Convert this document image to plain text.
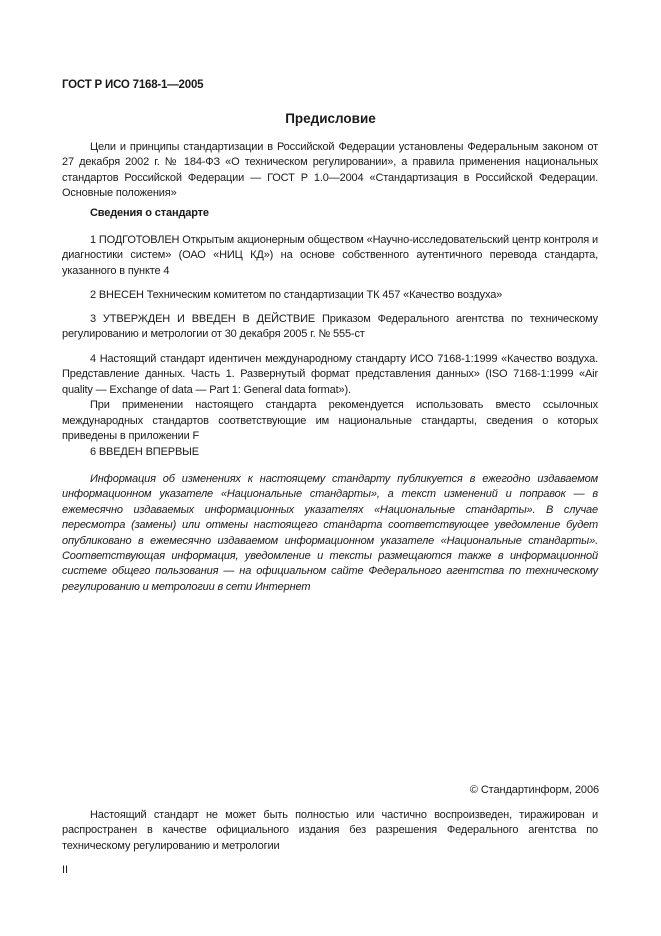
ГОСТ Р ИСО 7168-1—2005
Предисловие
Цели и принципы стандартизации в Российской Федерации установлены Федеральным законом от 27 декабря 2002 г. № 184-ФЗ «О техническом регулировании», а правила применения национальных стандартов Российской Федерации — ГОСТ Р 1.0—2004 «Стандартизация в Российской Федерации. Основные положения»
Сведения о стандарте
1 ПОДГОТОВЛЕН Открытым акционерным обществом «Научно-исследовательский центр контроля и диагностики систем» (ОАО «НИЦ КД») на основе собственного аутентичного перевода стандарта, указанного в пункте 4
2 ВНЕСЕН Техническим комитетом по стандартизации ТК 457 «Качество воздуха»
3 УТВЕРЖДЕН И ВВЕДЕН В ДЕЙСТВИЕ Приказом Федерального агентства по техническому регулированию и метрологии от 30 декабря 2005 г. № 555-ст
4 Настоящий стандарт идентичен международному стандарту ИСО 7168-1:1999 «Качество воздуха. Представление данных. Часть 1. Развернутый формат представления данных» (ISO 7168-1:1999 «Air quality — Exchange of data — Part 1: General data format»).
При применении настоящего стандарта рекомендуется использовать вместо ссылочных международных стандартов соответствующие им национальные стандарты, сведения о которых приведены в приложении F
6 ВВЕДЕН ВПЕРВЫЕ
Информация об изменениях к настоящему стандарту публикуется в ежегодно издаваемом информационном указателе «Национальные стандарты», а текст изменений и поправок — в ежемесячно издаваемых информационных указателях «Национальные стандарты». В случае пересмотра (замены) или отмены настоящего стандарта соответствующее уведомление будет опубликовано в ежемесячно издаваемом информационном указателе «Национальные стандарты». Соответствующая информация, уведомление и тексты размещаются также в информационной системе общего пользования — на официальном сайте Федерального агентства по техническому регулированию и метрологии в сети Интернет
© Стандартинформ, 2006
Настоящий стандарт не может быть полностью или частично воспроизведен, тиражирован и распространен в качестве официального издания без разрешения Федерального агентства по техническому регулированию и метрологии
II
